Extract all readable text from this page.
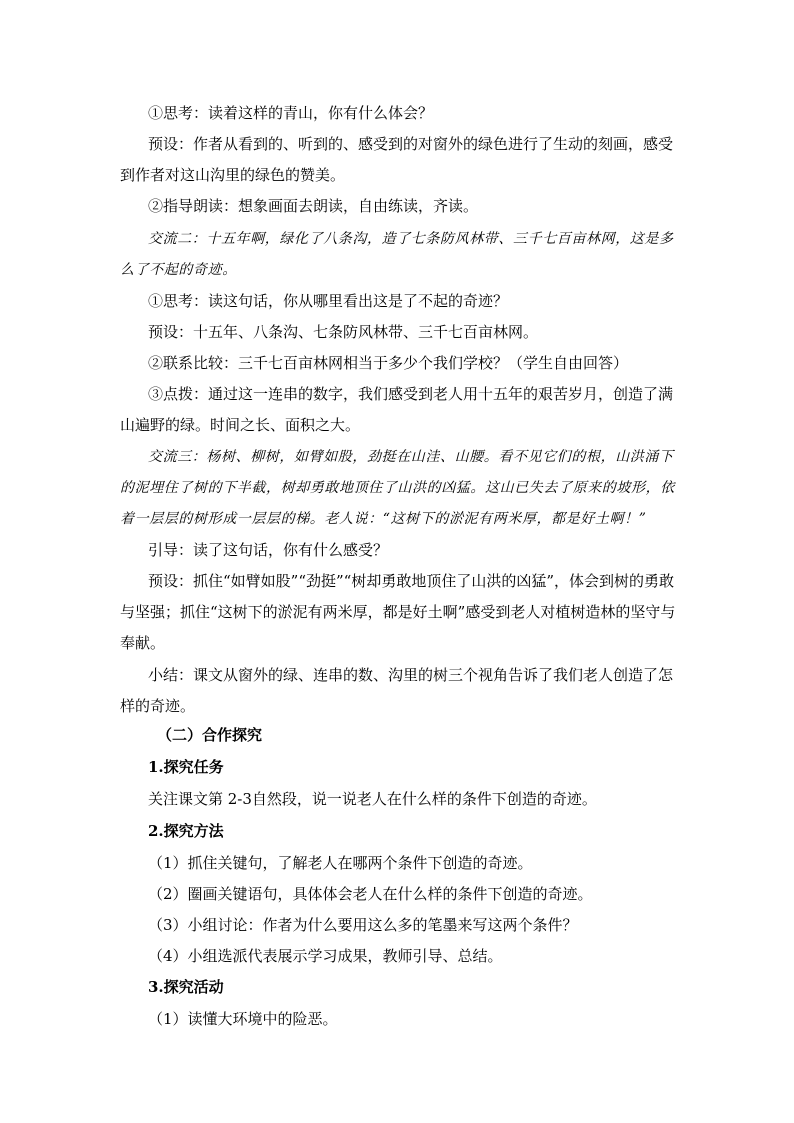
①思考：读着这样的青山，你有什么体会？

预设：作者从看到的、听到的、感受到的对窗外的绿色进行了生动的刻画，感受到作者对这山沟里的绿色的赞美。

②指导朗读：想象画面去朗读，自由练读，齐读。

交流二：十五年啊，绿化了八条沟，造了七条防风林带、三千七百亩林网，这是多么了不起的奇迹。

①思考：读这句话，你从哪里看出这是了不起的奇迹？

预设：十五年、八条沟、七条防风林带、三千七百亩林网。

②联系比较：三千七百亩林网相当于多少个我们学校？（学生自由回答）

③点拨：通过这一连串的数字，我们感受到老人用十五年的艰苦岁月，创造了满山遍野的绿。时间之长、面积之大。

交流三：杨树、柳树，如臂如股，劲挺在山洼、山腰。看不见它们的根，山洪涌下的泥埋住了树的下半截，树却勇敢地顶住了山洪的凶猛。这山已失去了原来的坡形，依着一层层的树形成一层层的梯。老人说：“这树下的淤泥有两米厚，都是好土啊！”

引导：读了这句话，你有什么感受？

预设：抓住“如臂如股”“劲挺”“树却勇敢地顶住了山洪的凶猛”，体会到树的勇敢与坚强；抓住“这树下的淤泥有两米厚，都是好土啊”感受到老人对植树造林的坚守与奉献。

小结：课文从窗外的绿、连串的数、沟里的树三个视角告诉了我们老人创造了怎样的奇迹。

（二）合作探究
1.探究任务

关注课文第 2-3自然段，说一说老人在什么样的条件下创造的奇迹。

2.探究方法

（1）抓住关键句，了解老人在哪两个条件下创造的奇迹。

（2）圈画关键语句，具体体会老人在什么样的条件下创造的奇迹。

（3）小组讨论：作者为什么要用这么多的笔墨来写这两个条件？

（4）小组选派代表展示学习成果，教师引导、总结。

3.探究活动

（1）读懂大环境中的险恶。
